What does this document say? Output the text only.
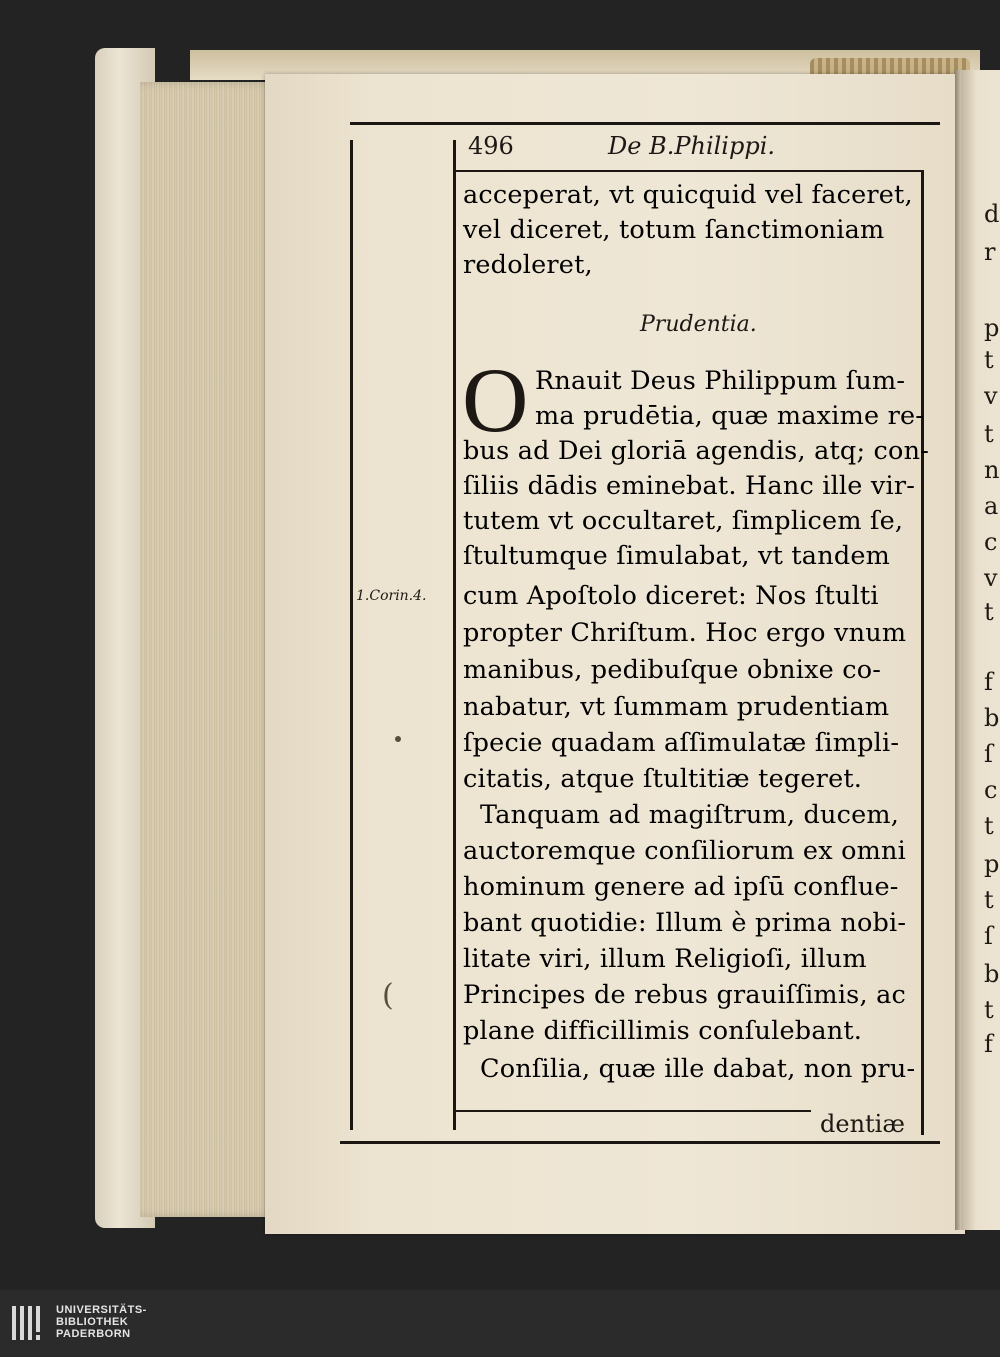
496	De B.Philippi.
1.Corin.4.
(
Prudentia.
O
acceperat, vt quicquid vel faceret,
vel diceret, totum ſanctimoniam
redoleret,
Rnauit Deus Philippum ſum-
ma prudētia, quæ maxime re-
bus ad Dei gloriā agendis, atq; con-
ſiliis dādis eminebat. Hanc ille vir-
tutem vt occultaret, ſimplicem ſe,
ſtultumque ſimulabat, vt tandem
cum Apoſtolo diceret: Nos ſtulti
propter Chriſtum. Hoc ergo vnum
manibus, pedibuſque obnixe co-
nabatur, vt ſummam prudentiam
ſpecie quadam aſſimulatæ ſimpli-
citatis, atque ſtultitiæ tegeret.
Tanquam ad magiſtrum, ducem,
auctoremque conſiliorum ex omni
hominum genere ad ipſū conflue-
bant quotidie: Illum è prima nobi-
litate viri, illum Religioſi, illum
Principes de rebus grauiſſimis, ac
plane difficillimis conſulebant.
Conſilia, quæ ille dabat, non pru-
dentiæ
d
r
p
t
v
t
n
a
c
v
t
f
b
ſ
c
t
p
t
ſ
b
t
f
UNIVERSITÄTS-
BIBLIOTHEK
PADERBORN
